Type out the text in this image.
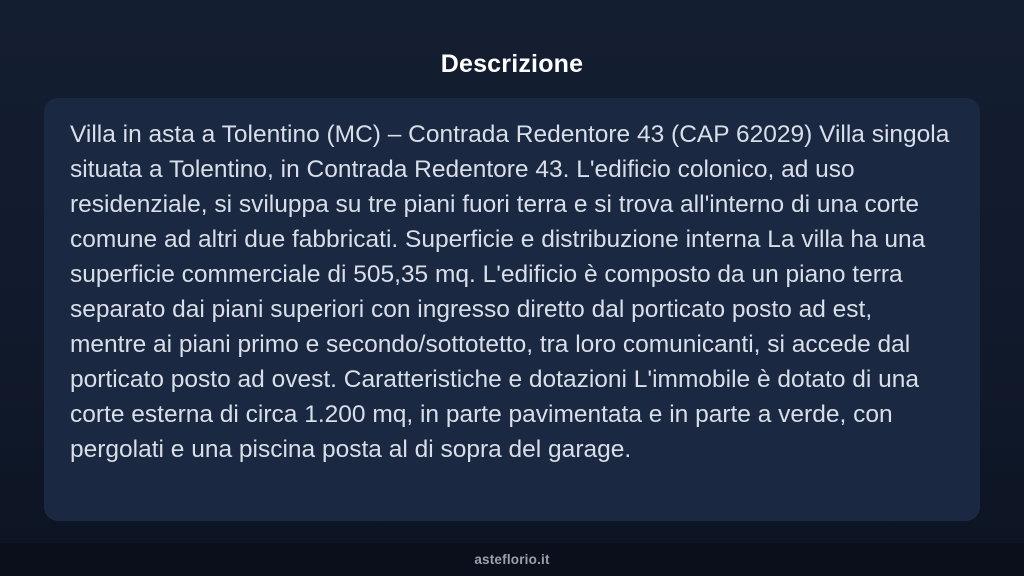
Descrizione

Villa in asta a Tolentino (MC) – Contrada Redentore 43 (CAP 62029) Villa singola situata a Tolentino, in Contrada Redentore 43. L'edificio colonico, ad uso residenziale, si sviluppa su tre piani fuori terra e si trova all'interno di una corte comune ad altri due fabbricati. Superficie e distribuzione interna La villa ha una superficie commerciale di 505,35 mq. L'edificio è composto da un piano terra separato dai piani superiori con ingresso diretto dal porticato posto ad est, mentre ai piani primo e secondo/sottotetto, tra loro comunicanti, si accede dal porticato posto ad ovest. Caratteristiche e dotazioni L'immobile è dotato di una corte esterna di circa 1.200 mq, in parte pavimentata e in parte a verde, con pergolati e una piscina posta al di sopra del garage.

asteflorio.it
